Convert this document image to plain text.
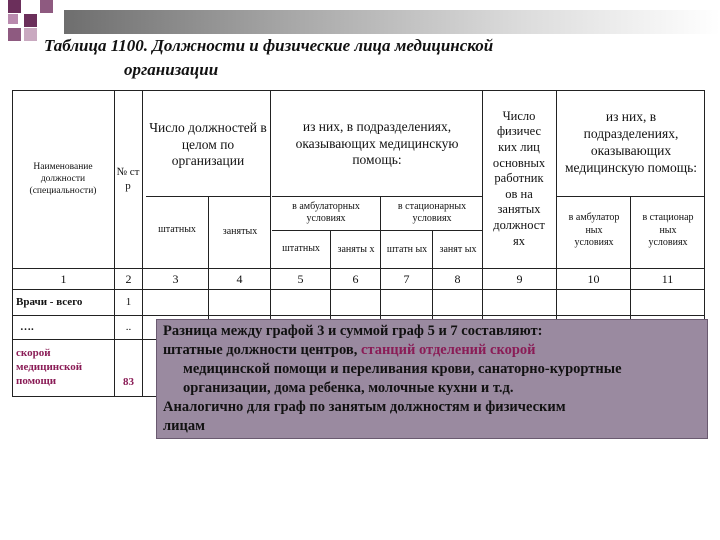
Таблица 1100. Должности и физические лица медицинской
организации
Наименование должности (специальности)
№ ст р
Число должностей в целом по организации
из них, в подразделениях, оказывающих медицинскую помощь:
штатных	занятых
в амбулаторных условиях
в стационарных условиях
штатных	заняты х	штатн ых	занят ых
Число физичес ких лиц основных работник ов на занятых должност ях
из них, в подразделениях, оказывающих медицинскую помощь:
в амбулатор ных условиях
в стационар ных условиях
1	2	3	4	5	6	7	8	9	10	11
Врачи - всего	1
….	..
скорой медицинской помощи	83

Разница между графой 3 и суммой граф 5 и 7 составляют:

штатные должности центров, станций отделений скорой

медицинской помощи и переливания крови, санаторно-курортные

организации, дома ребенка, молочные кухни и т.д.

Аналогично для граф по занятым должностям и физическим

лицам
